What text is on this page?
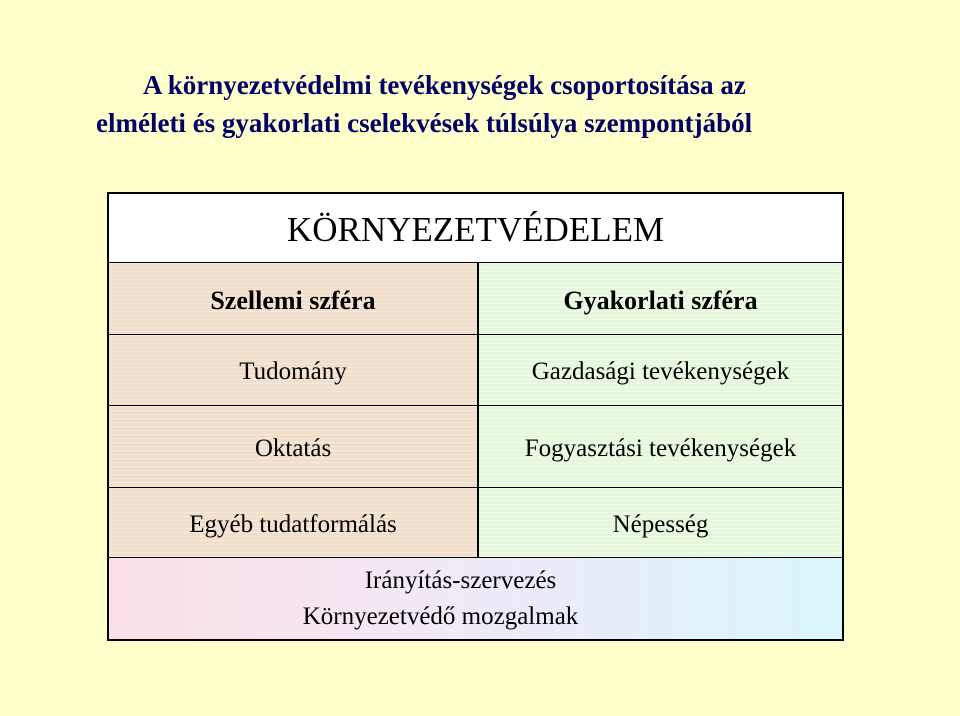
A környezetvédelmi tevékenységek csoportosítása az
elméleti és gyakorlati cselekvések túlsúlya szempontjából
KÖRNYEZETVÉDELEM
Szellemi szféra	Gyakorlati szféra
Tudomány	Gazdasági tevékenységek
Oktatás	Fogyasztási tevékenységek
Egyéb tudatformálás	Népesség
Irányítás-szervezés
Környezetvédő mozgalmak
